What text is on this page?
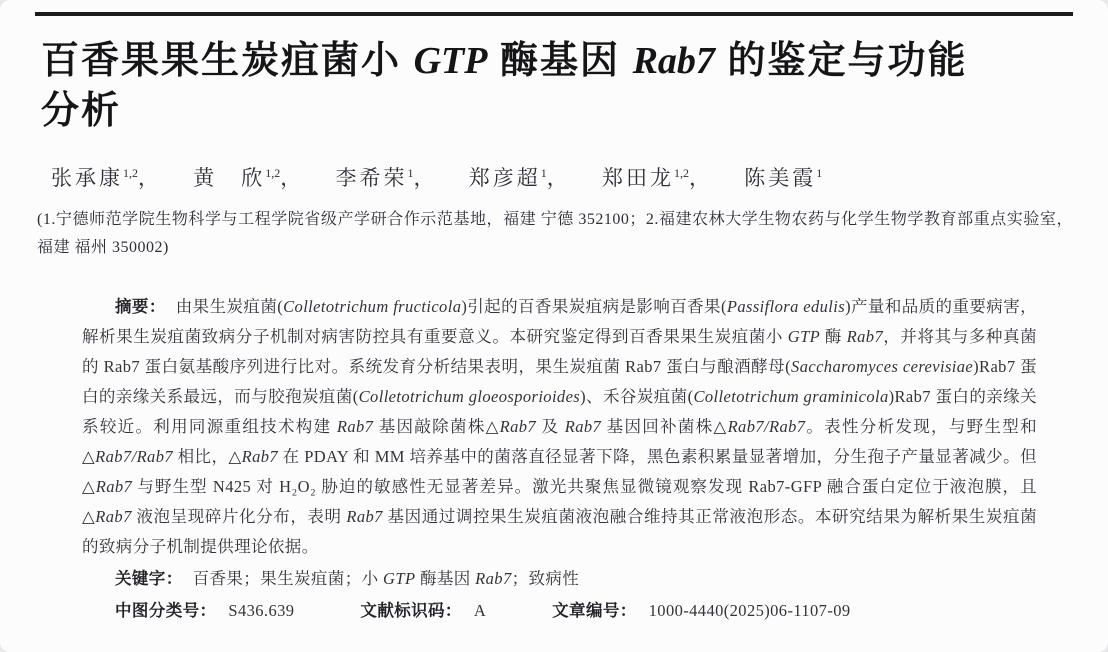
百香果果生炭疽菌小 GTP 酶基因 Rab7 的鉴定与功能
分析
张承康$^{1,2}$， 黄　欣$^{1,2}$， 李希荣$^1$， 郑彦超$^1$， 郑田龙$^{1,2}$， 陈美霞$^1$

(1.宁德师范学院生物科学与工程学院省级产学研合作示范基地，福建 宁德 352100；2.福建农林大学生物农药与化学生物学教育部重点实验室，福建 福州 350002)

摘要： 由果生炭疽菌(Colletotrichum fructicola)引起的百香果炭疽病是影响百香果(Passiflora edulis)产量和品质的重要病害，解析果生炭疽菌致病分子机制对病害防控具有重要意义。本研究鉴定得到百香果果生炭疽菌小 GTP 酶 Rab7，并将其与多种真菌的 Rab7 蛋白氨基酸序列进行比对。系统发育分析结果表明，果生炭疽菌 Rab7 蛋白与酿酒酵母(Saccharomyces cerevisiae)Rab7 蛋白的亲缘关系最远，而与胶孢炭疽菌(Colletotrichum gloeosporioides)、禾谷炭疽菌(Colletotrichum graminicola)Rab7 蛋白的亲缘关系较近。利用同源重组技术构建 Rab7 基因敲除菌株△Rab7 及 Rab7 基因回补菌株△Rab7/Rab7。表性分析发现，与野生型和△Rab7/Rab7 相比，△Rab7 在 PDAY 和 MM 培养基中的菌落直径显著下降，黑色素积累量显著增加，分生孢子产量显著减少。但△Rab7 与野生型 N425 对 H₂O₂ 胁迫的敏感性无显著差异。激光共聚焦显微镜观察发现 Rab7-GFP 融合蛋白定位于液泡膜，且△Rab7 液泡呈现碎片化分布，表明 Rab7 基因通过调控果生炭疽菌液泡融合维持其正常液泡形态。本研究结果为解析果生炭疽菌的致病分子机制提供理论依据。

关键字： 百香果；果生炭疽菌；小 GTP 酶基因 Rab7；致病性

中图分类号： S436.639	文献标识码： A	文章编号： 1000-4440(2025)06-1107-09
